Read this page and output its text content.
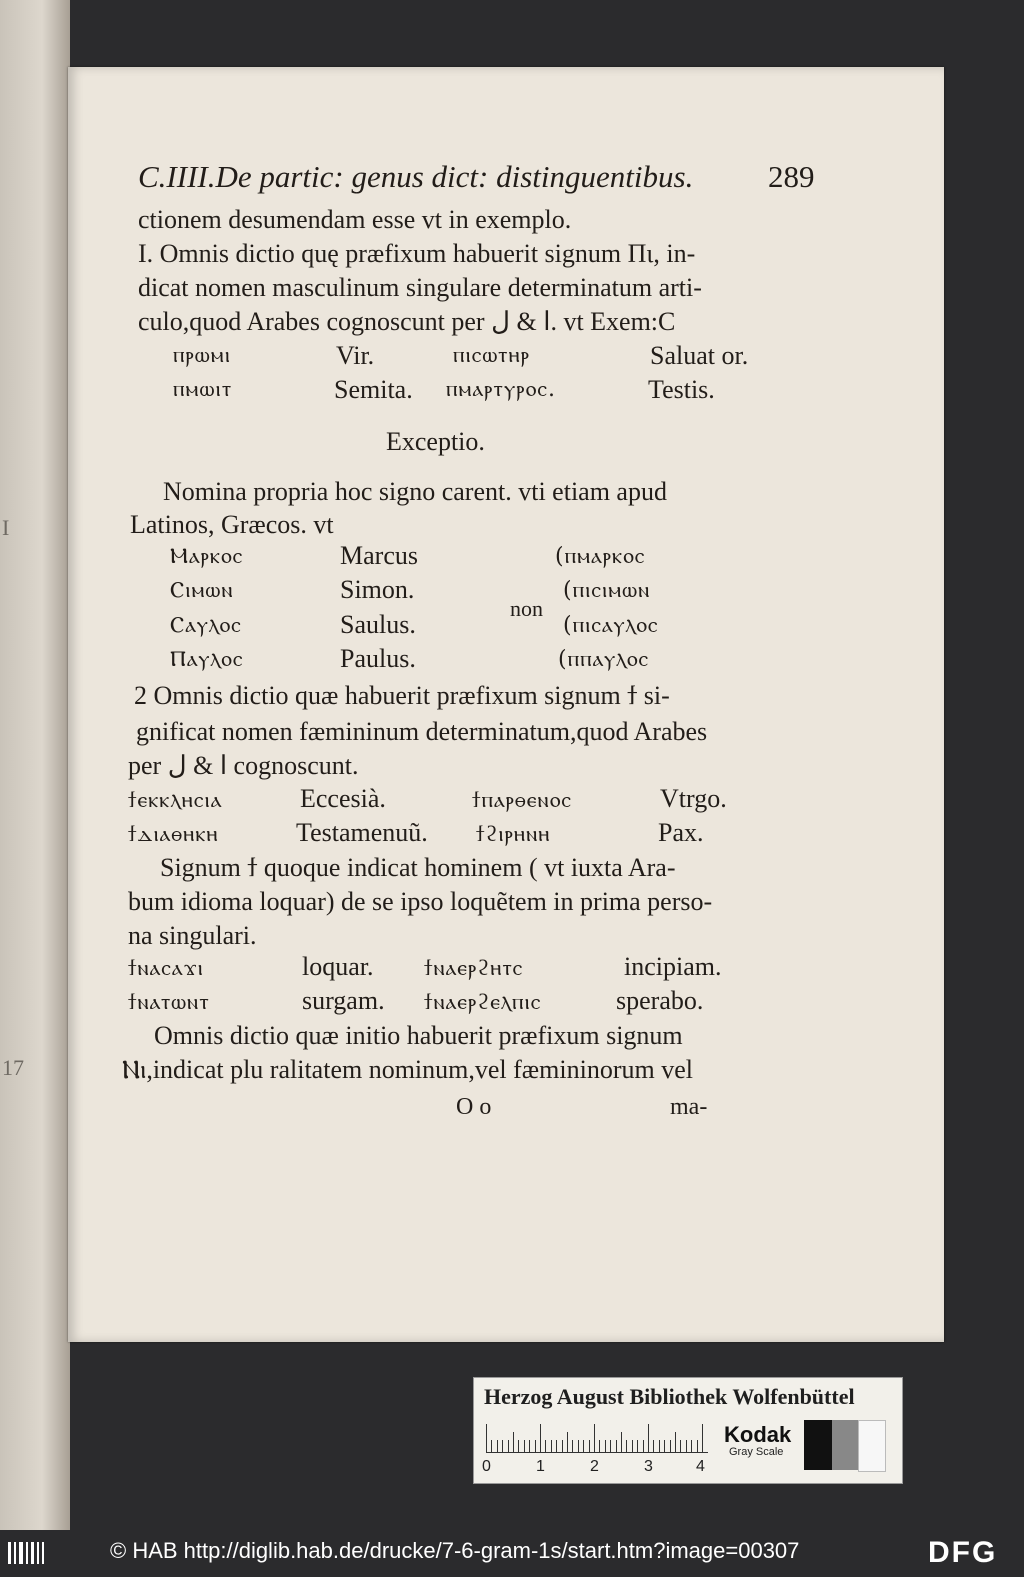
I
17
C.IIII.De partic: genus dict: distinguentibus. 289
ctionem desumendam esse vt in exemplo.
I. Omnis dictio quę præfixum habuerit signum Πι, in-
dicat nomen masculinum singulare determinatum arti-
culo,quod Arabes cognoscunt per ا & ل. vt Exem:C
ⲡⲣⲱⲙⲓ	Vir.	ⲡⲓⲥⲱⲧⲏⲣ	Saluat or.
ⲡⲙⲱⲓⲧ	Semita. ⲡⲙⲁⲣⲧⲩⲣⲟⲥ.	Testis.
Exceptio.
Nomina propria hoc signo carent. vti etiam apud
Latinos, Græcos. vt
Ⲙⲁⲣⲕⲟⲥ	Marcus	(ⲡⲙⲁⲣⲕⲟⲥ
Ⲥⲓⲙⲱⲛ	Simon.	(ⲡⲓⲥⲓⲙⲱⲛ
non
Ⲥⲁⲩⲗⲟⲥ	Saulus.	(ⲡⲓⲥⲁⲩⲗⲟⲥ
Ⲡⲁⲩⲗⲟⲥ	Paulus.	(ⲡⲡⲁⲩⲗⲟⲥ
2 Omnis dictio quæ habuerit præfixum signum ϯ si-
gnificat nomen fæmininum determinatum,quod Arabes
per ا & ل cognoscunt.
ϯⲉⲕⲕⲗⲏⲥⲓⲁ	Eccesià.	ϯⲡⲁⲣⲑⲉⲛⲟⲥ	Vtrgo.
ϯⲇⲓⲁⲑⲏⲕⲏ	Testamenuũ. ϯϩⲓⲣⲏⲛⲏ	Pax.
Signum ϯ quoque indicat hominem ( vt iuxta Ara-
bum idioma loquar) de se ipso loquẽtem in prima perso-
na singulari.
ϯⲛⲁⲥⲁϫⲓ	loquar. ϯⲛⲁⲉⲣϩⲏⲧⲥ	incipiam.
ϯⲛⲁⲧⲱⲛⲧ	surgam. ϯⲛⲁⲉⲣϩⲉⲗⲡⲓⲥ	sperabo.
Omnis dictio quæ initio habuerit præfixum signum
Ⲛⲓ,indicat plu ralitatem nominum,vel fæmininorum vel
O o	ma-
Herzog August Bibliothek Wolfenbüttel
0	1	2	3	4
Kodak
Gray Scale
© HAB http://diglib.hab.de/drucke/7-6-gram-1s/start.htm?image=00307	DFG
